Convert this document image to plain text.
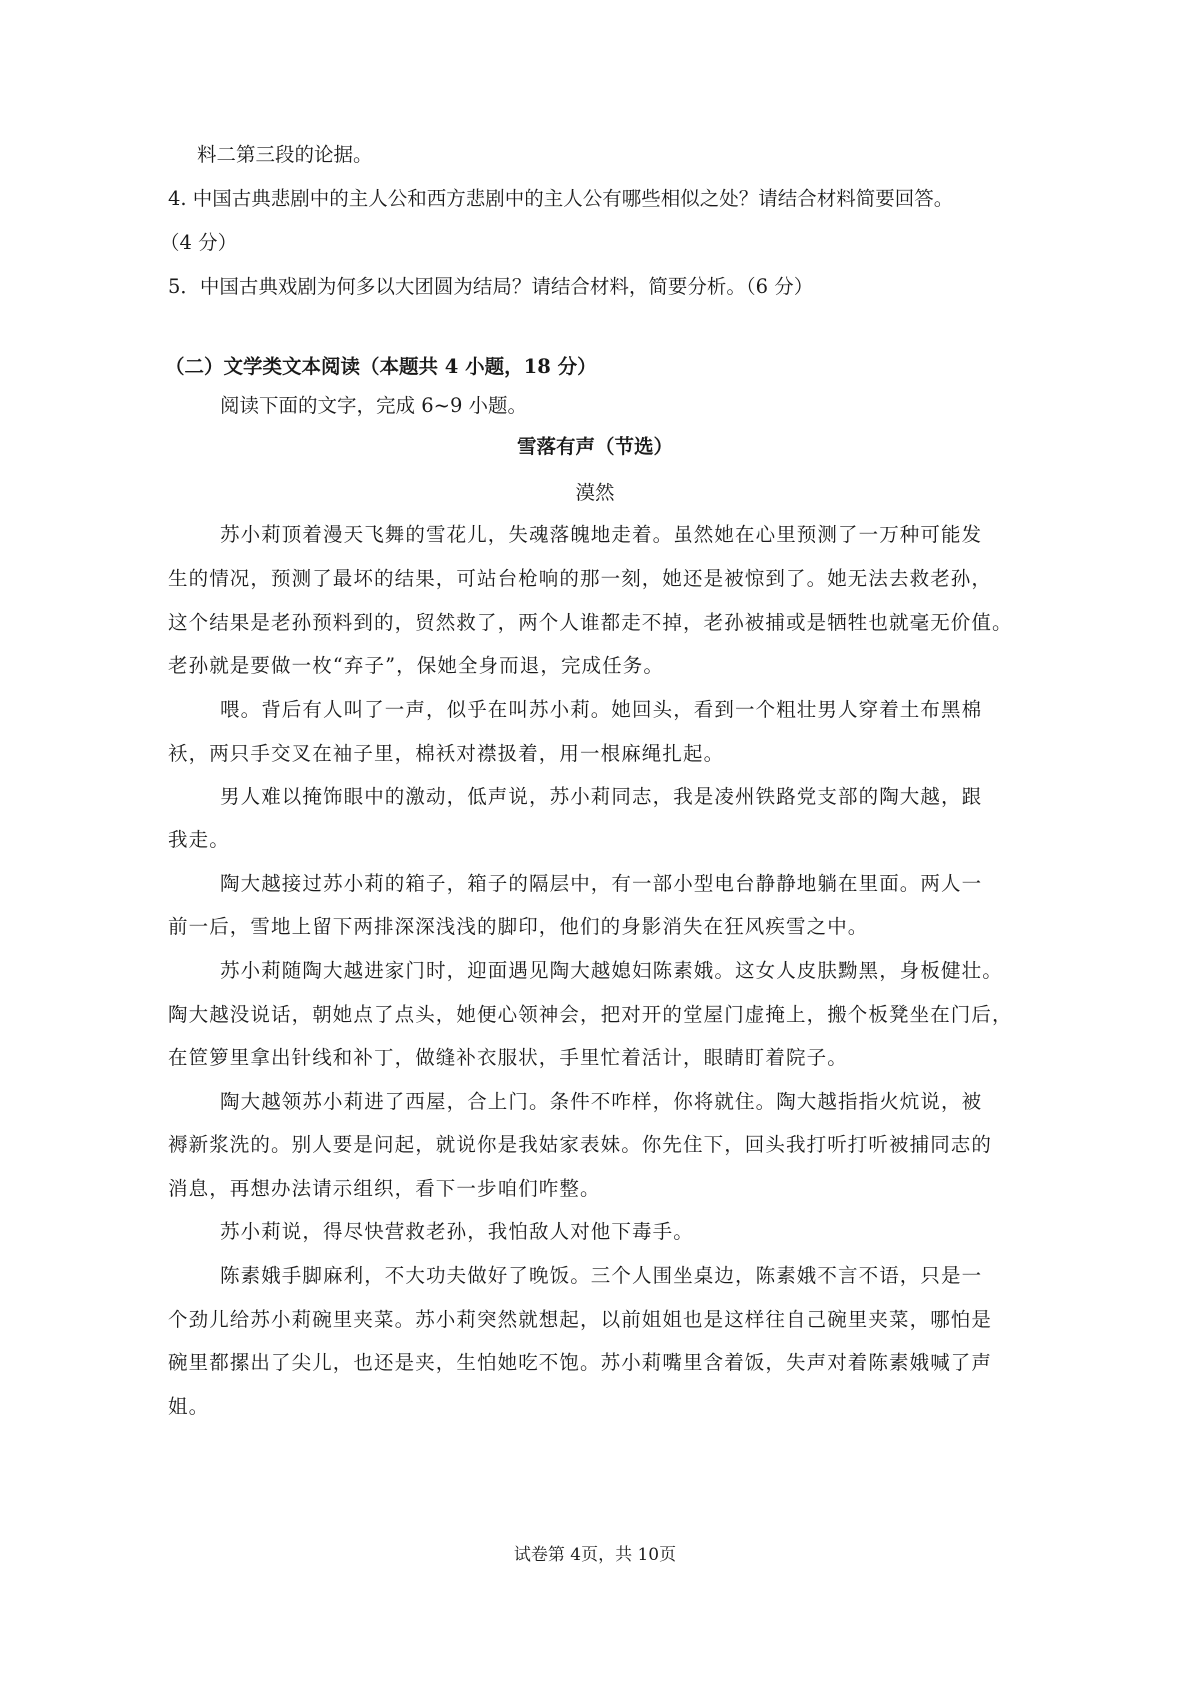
料二第三段的论据。
4. 中国古典悲剧中的主人公和西方悲剧中的主人公有哪些相似之处？请结合材料简要回答。
（4 分）
5．中国古典戏剧为何多以大团圆为结局？请结合材料，简要分析。（6 分）
（二）文学类文本阅读（本题共 4 小题，18 分）
阅读下面的文字，完成 6~9 小题。
雪落有声（节选）
漠然
苏小莉顶着漫天飞舞的雪花儿，失魂落魄地走着。虽然她在心里预测了一万种可能发
生的情况，预测了最坏的结果，可站台枪响的那一刻，她还是被惊到了。她无法去救老孙，
这个结果是老孙预料到的，贸然救了，两个人谁都走不掉，老孙被捕或是牺牲也就毫无价值。
老孙就是要做一枚“弃子”，保她全身而退，完成任务。
喂。背后有人叫了一声，似乎在叫苏小莉。她回头，看到一个粗壮男人穿着土布黑棉
袄，两只手交叉在袖子里，棉袄对襟扱着，用一根麻绳扎起。
男人难以掩饰眼中的激动，低声说，苏小莉同志，我是凌州铁路党支部的陶大越，跟
我走。
陶大越接过苏小莉的箱子，箱子的隔层中，有一部小型电台静静地躺在里面。两人一
前一后，雪地上留下两排深深浅浅的脚印，他们的身影消失在狂风疾雪之中。
苏小莉随陶大越进家门时，迎面遇见陶大越媳妇陈素娥。这女人皮肤黝黑，身板健壮。
陶大越没说话，朝她点了点头，她便心领神会，把对开的堂屋门虚掩上，搬个板凳坐在门后，
在笸箩里拿出针线和补丁，做缝补衣服状，手里忙着活计，眼睛盯着院子。
陶大越领苏小莉进了西屋，合上门。条件不咋样，你将就住。陶大越指指火炕说，被
褥新浆洗的。别人要是问起，就说你是我姑家表妹。你先住下，回头我打听打听被捕同志的
消息，再想办法请示组织，看下一步咱们咋整。
苏小莉说，得尽快营救老孙，我怕敌人对他下毒手。
陈素娥手脚麻利，不大功夫做好了晚饭。三个人围坐桌边，陈素娥不言不语，只是一
个劲儿给苏小莉碗里夹菜。苏小莉突然就想起，以前姐姐也是这样往自己碗里夹菜，哪怕是
碗里都摞出了尖儿，也还是夹，生怕她吃不饱。苏小莉嘴里含着饭，失声对着陈素娥喊了声
姐。
试卷第 4页，共 10页
